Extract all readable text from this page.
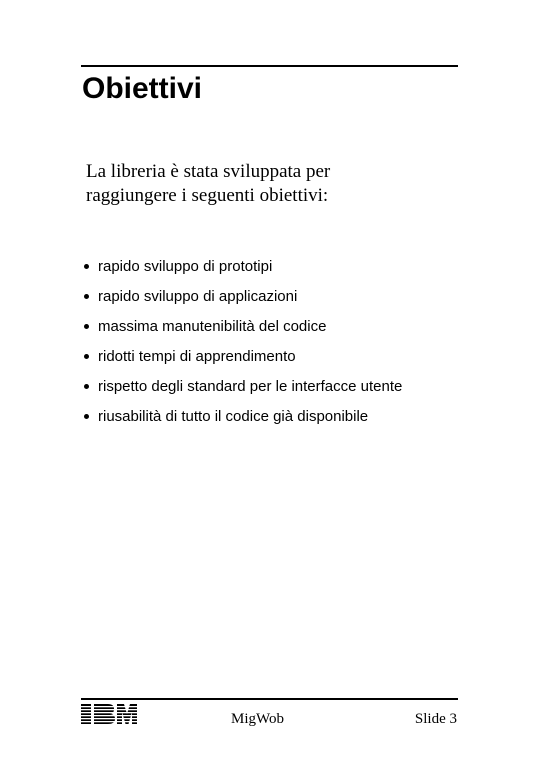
Obiettivi
La libreria è stata sviluppata per
raggiungere i seguenti obiettivi:
rapido sviluppo di prototipi
rapido sviluppo di applicazioni
massima manutenibilità del codice
ridotti tempi di apprendimento
rispetto degli standard per le interfacce utente
riusabilità di tutto il codice già disponibile
MigWob	Slide 3
